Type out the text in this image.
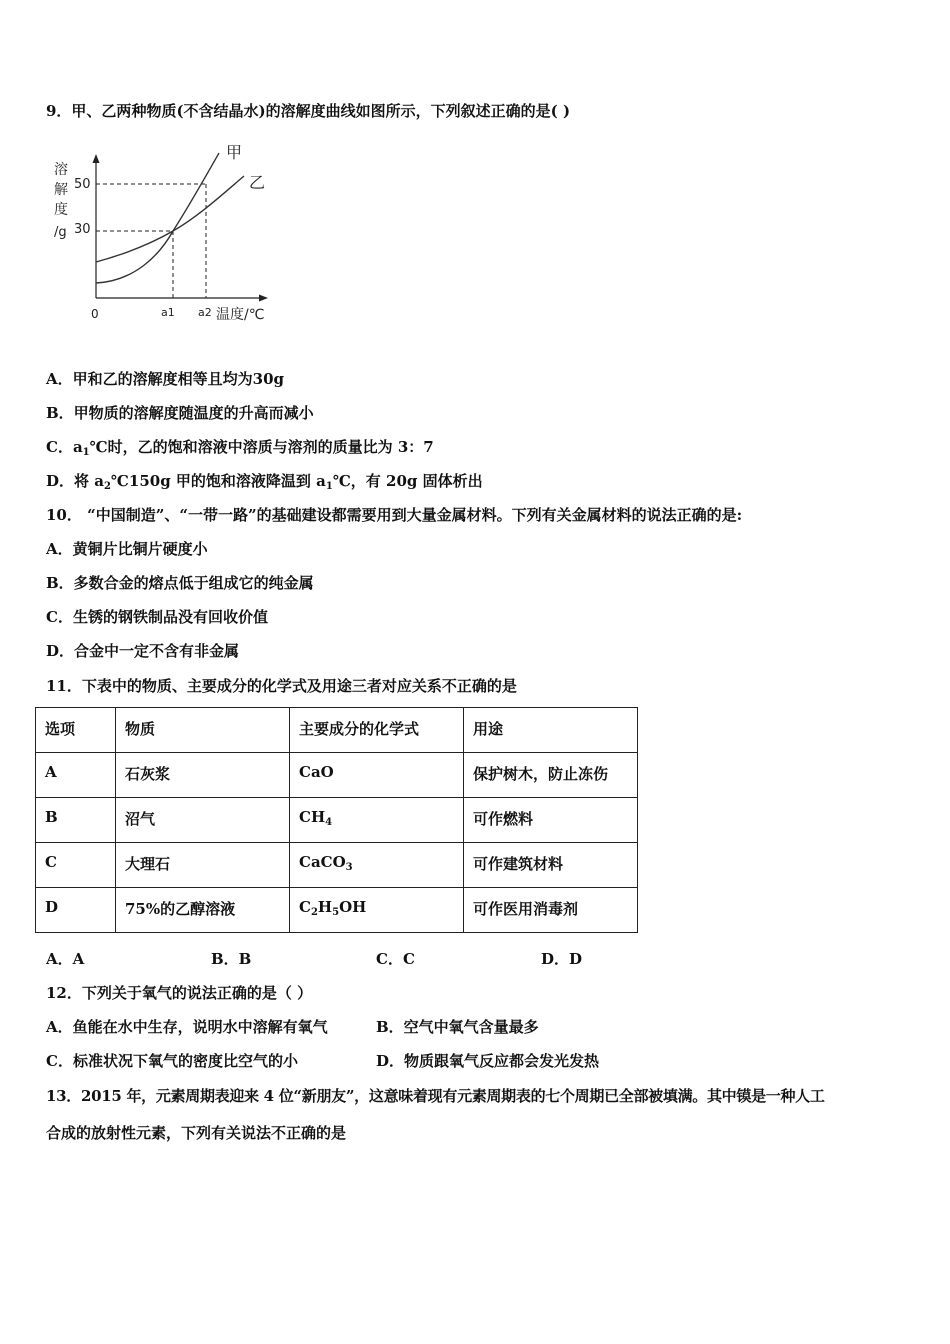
9．甲、乙两种物质(不含结晶水)的溶解度曲线如图所示，下列叙述正确的是( )
溶
解
度
/g
50
30
0	a1 a2 温度/℃
甲
乙
A．甲和乙的溶解度相等且均为30g
B．甲物质的溶解度随温度的升高而减小
C．$a_1℃$时，乙的饱和溶液中溶质与溶剂的质量比为 3：7
D．将 $a_2℃150g$ 甲的饱和溶液降温到 $a_1℃$，有 20g 固体析出
10． “中国制造”、“一带一路”的基础建设都需要用到大量金属材料。下列有关金属材料的说法正确的是:
A．黄铜片比铜片硬度小
B．多数合金的熔点低于组成它的纯金属
C．生锈的钢铁制品没有回收价值
D．合金中一定不含有非金属
11．下表中的物质、主要成分的化学式及用途三者对应关系不正确的是
选项	物质	主要成分的化学式	用途
A	石灰浆	CaO	保护树木，防止冻伤
B	沼气	$CH_4$	可作燃料
C	大理石	CaCO$_3$	可作建筑材料
D	75%的乙醇溶液	$C_2H_5OH$	可作医用消毒剂
A．A	B．B	C．C	D．D
12．下列关于氧气的说法正确的是（ ）
A．鱼能在水中生存，说明水中溶解有氧气	B．空气中氧气含量最多
C．标准状况下氧气的密度比空气的小	D．物质跟氧气反应都会发光发热
13．2015 年，元素周期表迎来 4 位“新朋友”，这意味着现有元素周期表的七个周期已全部被填满。其中镆是一种人工
合成的放射性元素，下列有关说法不正确的是
